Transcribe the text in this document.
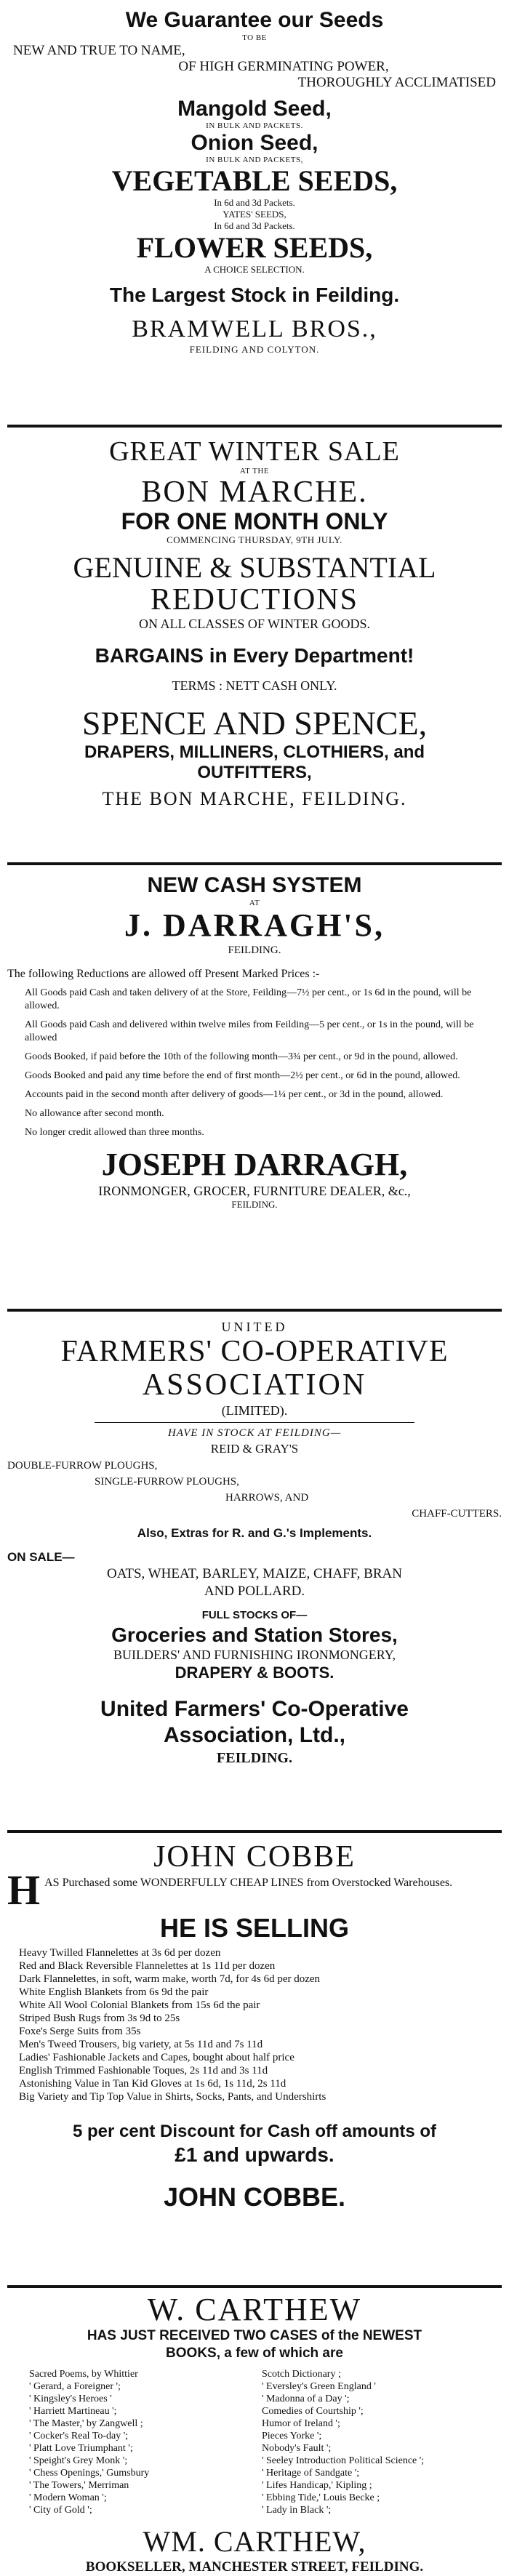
We Guarantee our Seeds
TO BE
NEW AND TRUE TO NAME,
OF HIGH GERMINATING POWER,
THOROUGHLY ACCLIMATISED
Mangold Seed,
IN BULK AND PACKETS.
Onion Seed,
IN BULK AND PACKETS,
VEGETABLE SEEDS,
In 6d and 3d Packets.
YATES' SEEDS,
In 6d and 3d Packets.
FLOWER SEEDS,
A CHOICE SELECTION.
The Largest Stock in Feilding.
BRAMWELL BROS.,
FEILDING AND COLYTON.
GREAT WINTER SALE
AT THE
BON MARCHE.
FOR ONE MONTH ONLY
COMMENCING THURSDAY, 9TH JULY.
GENUINE & SUBSTANTIAL
REDUCTIONS
ON ALL CLASSES OF WINTER GOODS.
BARGAINS in Every Department!
TERMS : NETT CASH ONLY.
SPENCE AND SPENCE,
DRAPERS, MILLINERS, CLOTHIERS, and
OUTFITTERS,
THE BON MARCHE, FEILDING.
NEW CASH SYSTEM
AT
J. DARRAGH'S,
FEILDING.
The following Reductions are allowed off Present Marked Prices :-

All Goods paid Cash and taken delivery of at the Store, Feilding—7½ per cent., or 1s 6d in the pound, will be allowed.

All Goods paid Cash and delivered within twelve miles from Feilding—5 per cent., or 1s in the pound, will be allowed

Goods Booked, if paid before the 10th of the following month—3¾ per cent., or 9d in the pound, allowed.

Goods Booked and paid any time before the end of first month—2½ per cent., or 6d in the pound, allowed.

Accounts paid in the second month after delivery of goods—1¼ per cent., or 3d in the pound, allowed.

No allowance after second month.

No longer credit allowed than three months.

JOSEPH DARRAGH,
IRONMONGER, GROCER, FURNITURE DEALER, &c.,
FEILDING.
UNITED
FARMERS' CO-OPERATIVE
ASSOCIATION
(LIMITED).
HAVE IN STOCK AT FEILDING—
REID & GRAY'S
DOUBLE-FURROW PLOUGHS,
SINGLE-FURROW PLOUGHS,
HARROWS, AND
CHAFF-CUTTERS.
Also, Extras for R. and G.'s Implements.
ON SALE—
OATS, WHEAT, BARLEY, MAIZE, CHAFF, BRAN
AND POLLARD.
FULL STOCKS OF—
Groceries and Station Stores,
BUILDERS' AND FURNISHING IRONMONGERY,
DRAPERY & BOOTS.
United Farmers' Co-Operative
Association, Ltd.,
FEILDING.
JOHN COBBE
H AS Purchased some WONDERFULLY CHEAP LINES from Overstocked Warehouses.
HE IS SELLING
Heavy Twilled Flannelettes at 3s 6d per dozen
Red and Black Reversible Flannelettes at 1s 11d per dozen
Dark Flannelettes, in soft, warm make, worth 7d, for 4s 6d per dozen
White English Blankets from 6s 9d the pair
White All Wool Colonial Blankets from 15s 6d the pair
Striped Bush Rugs from 3s 9d to 25s
Foxe's Serge Suits from 35s
Men's Tweed Trousers, big variety, at 5s 11d and 7s 11d
Ladies' Fashionable Jackets and Capes, bought about half price
English Trimmed Fashionable Toques, 2s 11d and 3s 11d
Astonishing Value in Tan Kid Gloves at 1s 6d, 1s 11d, 2s 11d
Big Variety and Tip Top Value in Shirts, Socks, Pants, and Undershirts
5 per cent Discount for Cash off amounts of
£1 and upwards.
JOHN COBBE.
W. CARTHEW
HAS JUST RECEIVED TWO CASES of the NEWEST
BOOKS, a few of which are
Sacred Poems, by Whittier
' Gerard, a Foreigner ';
' Kingsley's Heroes '
' Harriett Martineau ';
' The Master,' by Zangwell ;
' Cocker's Real To-day ';
' Platt Love Triumphant ';
' Speight's Grey Monk ';
' Chess Openings,' Gumsbury
' The Towers,' Merriman
' Modern Woman ';
' City of Gold ';
Scotch Dictionary ;
' Eversley's Green England '
' Madonna of a Day ';
Comedies of Courtship ';
Humor of Ireland ';
Pieces Yorke ';
Nobody's Fault ';
' Seeley Introduction Political Science ';
' Heritage of Sandgate ';
' Lifes Handicap,' Kipling ;
' Ebbing Tide,' Louis Becke ;
' Lady in Black ';
WM. CARTHEW,
BOOKSELLER, MANCHESTER STREET, FEILDING.
